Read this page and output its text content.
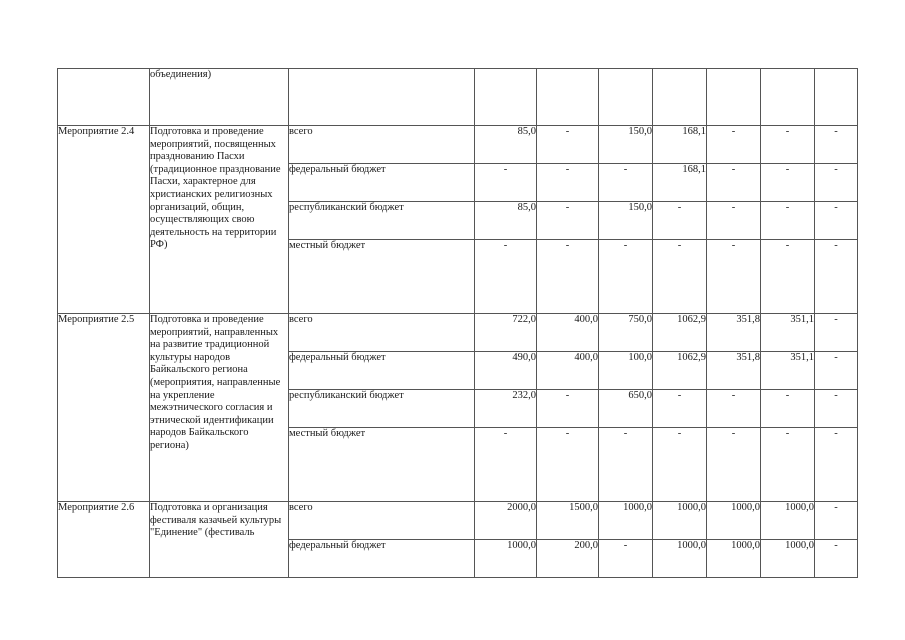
	объединения)								
Мероприятие 2.4	Подготовка и проведение мероприятий, посвященных празднованию Пасхи (традиционное празднование Пасхи, характерное для христианских религиозных организаций, общин, осуществляющих свою деятельность на территории РФ)	всего	85,0	-	150,0	168,1	-	-	-
		федеральный бюджет	-	-	-	168,1	-	-	-
		республиканский бюджет	85,0	-	150,0	-	-	-	-
		местный бюджет	-	-	-	-	-	-	-
Мероприятие 2.5	Подготовка и проведение мероприятий, направленных на развитие традиционной культуры народов Байкальского региона (мероприятия, направленные на укрепление межэтнического согласия и этнической идентификации народов Байкальского региона)	всего	722,0	400,0	750,0	1062,9	351,8	351,1	-
		федеральный бюджет	490,0	400,0	100,0	1062,9	351,8	351,1	-
		республиканский бюджет	232,0	-	650,0	-	-	-	-
		местный бюджет	-	-	-	-	-	-	-
Мероприятие 2.6	Подготовка и организация фестиваля казачьей культуры "Единение" (фестиваль	всего	2000,0	1500,0	1000,0	1000,0	1000,0	1000,0	-
		федеральный бюджет	1000,0	200,0	-	1000,0	1000,0	1000,0	-
